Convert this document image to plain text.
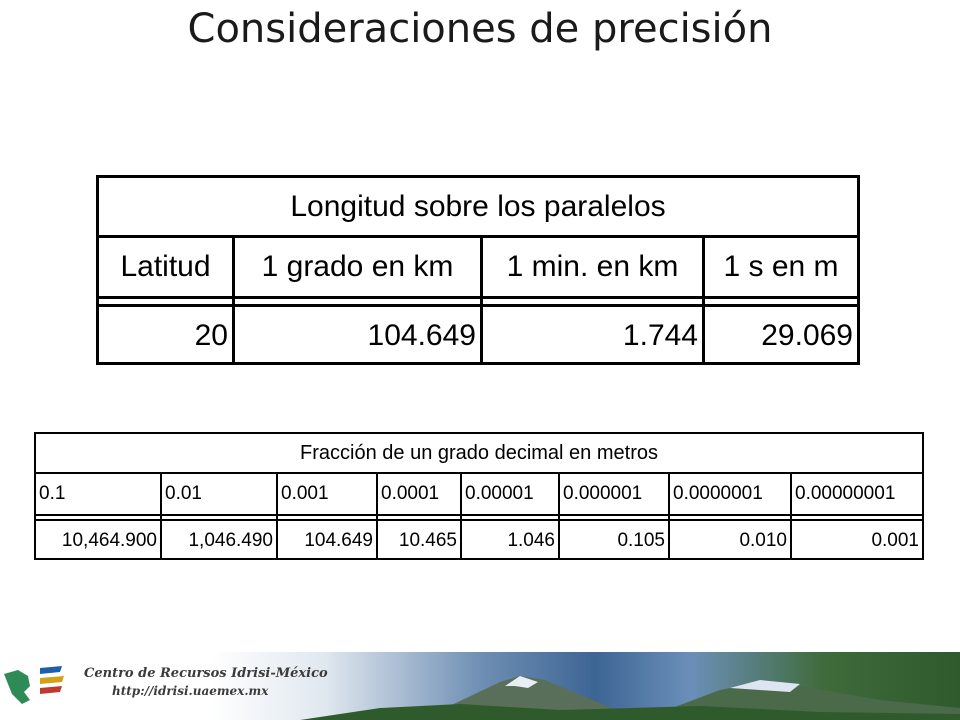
Consideraciones de precisión
Longitud sobre los paralelos
Latitud	1 grado en km	1 min. en km	1 s en m
20	104.649	1.744	29.069
Fracción de un grado decimal en metros
0.1	0.01	0.001	0.0001	0.00001	0.000001	0.0000001	0.00000001
10,464.900	1,046.490	104.649	10.465	1.046	0.105	0.010	0.001
Centro de Recursos Idrisi-México
http://idrisi.uaemex.mx
